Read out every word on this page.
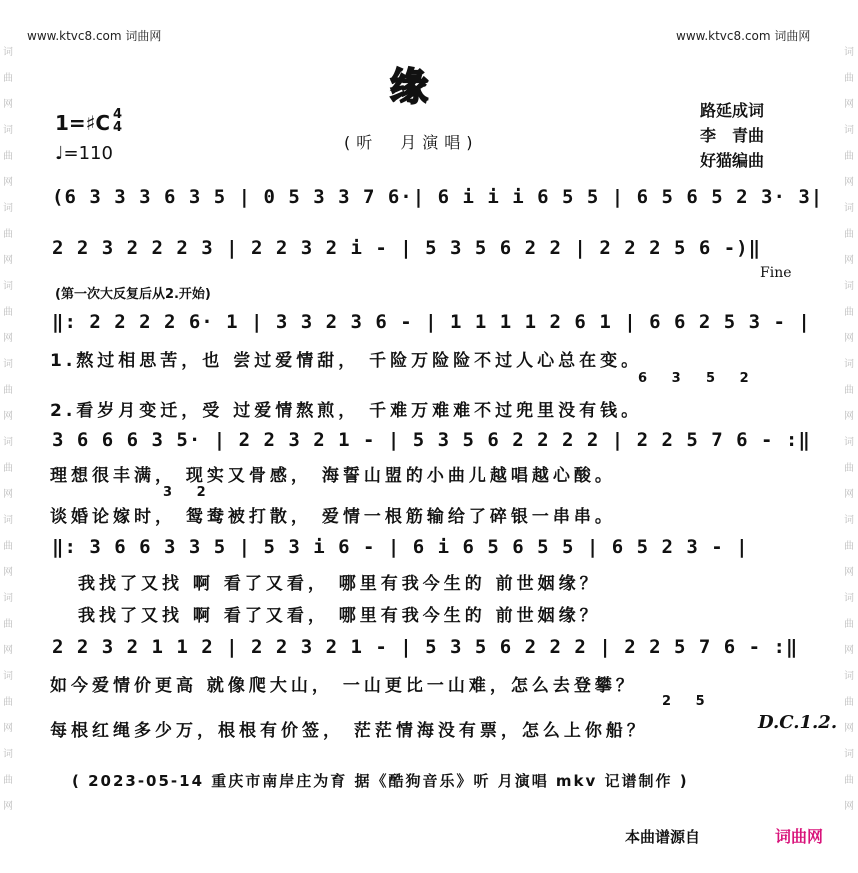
词曲网词曲网词曲网词曲网词曲网词曲网词曲网词曲网词曲网词曲网
词曲网词曲网词曲网词曲网词曲网词曲网词曲网词曲网词曲网词曲网
www.ktvc8.com 词曲网	www.ktvc8.com 词曲网
缘
路延成词
李　青曲
好猫编曲
1=♯C 4
4
♩=110
(听　月演唱)
(6 3 3 3 6 3 5 | 0 5 3 3 7 6·| 6 i i i 6 5 5 | 6 5 6 5 2 3· 3|
2 2 3 2 2 2 3 | 2 2 3 2 i - | 5 3 5 6 2 2 | 2 2 2 5 6 -)‖
Fine
(第一次大反复后从2.开始)
‖: 2 2 2 2 6· 1 | 3 3 2 3 6 - | 1 1 1 1 2 6 1 | 6 6 2 5 3 - |
1.熬过相思苦，也 尝过爱情甜， 千险万险险不过人心总在变。
6 3 5 2
2.看岁月变迁，受 过爱情熬煎， 千难万难难不过兜里没有钱。
3 6 6 6 3 5· | 2 2 3 2 1 - | 5 3 5 6 2 2 2 2 | 2 2 5 7 6 - :‖
理想很丰满， 现实又骨感， 海誓山盟的小曲儿越唱越心酸。
3 2
谈婚论嫁时， 鸳鸯被打散， 爱情一根筋输给了碎银一串串。
‖: 3 6 6 3 3 5 | 5 3 i 6 - | 6 i 6 5 6 5 5 | 6 5 2 3 - |
我找了又找 啊 看了又看， 哪里有我今生的 前世姻缘？
我找了又找 啊 看了又看， 哪里有我今生的 前世姻缘？
2 2 3 2 1 1 2 | 2 2 3 2 1 - | 5 3 5 6 2 2 2 | 2 2 5 7 6 - :‖
如今爱情价更高 就像爬大山， 一山更比一山难，怎么去登攀？
2 5
每根红绳多少万，根根有价签， 茫茫情海没有票，怎么上你船？	D.C.1.2.
( 2023-05-14 重庆市南岸庄为育 据《酷狗音乐》听 月演唱 mkv 记谱制作 )
本曲谱源自	词曲网
